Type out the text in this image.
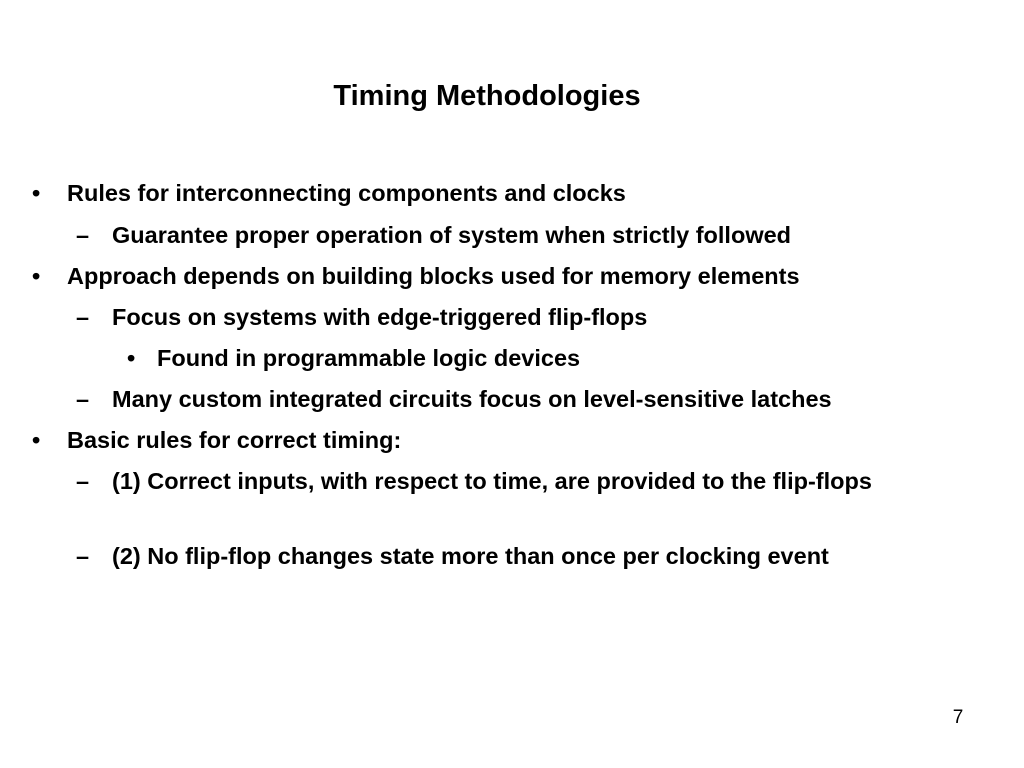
Timing Methodologies
• Rules for interconnecting components and clocks
– Guarantee proper operation of system when strictly followed
• Approach depends on building blocks used for memory elements
– Focus on systems with edge-triggered flip-flops
• Found in programmable logic devices
– Many custom integrated circuits focus on level-sensitive latches
• Basic rules for correct timing:
– (1) Correct inputs, with respect to time, are provided to the flip-flops
– (2) No flip-flop changes state more than once per clocking event
7
